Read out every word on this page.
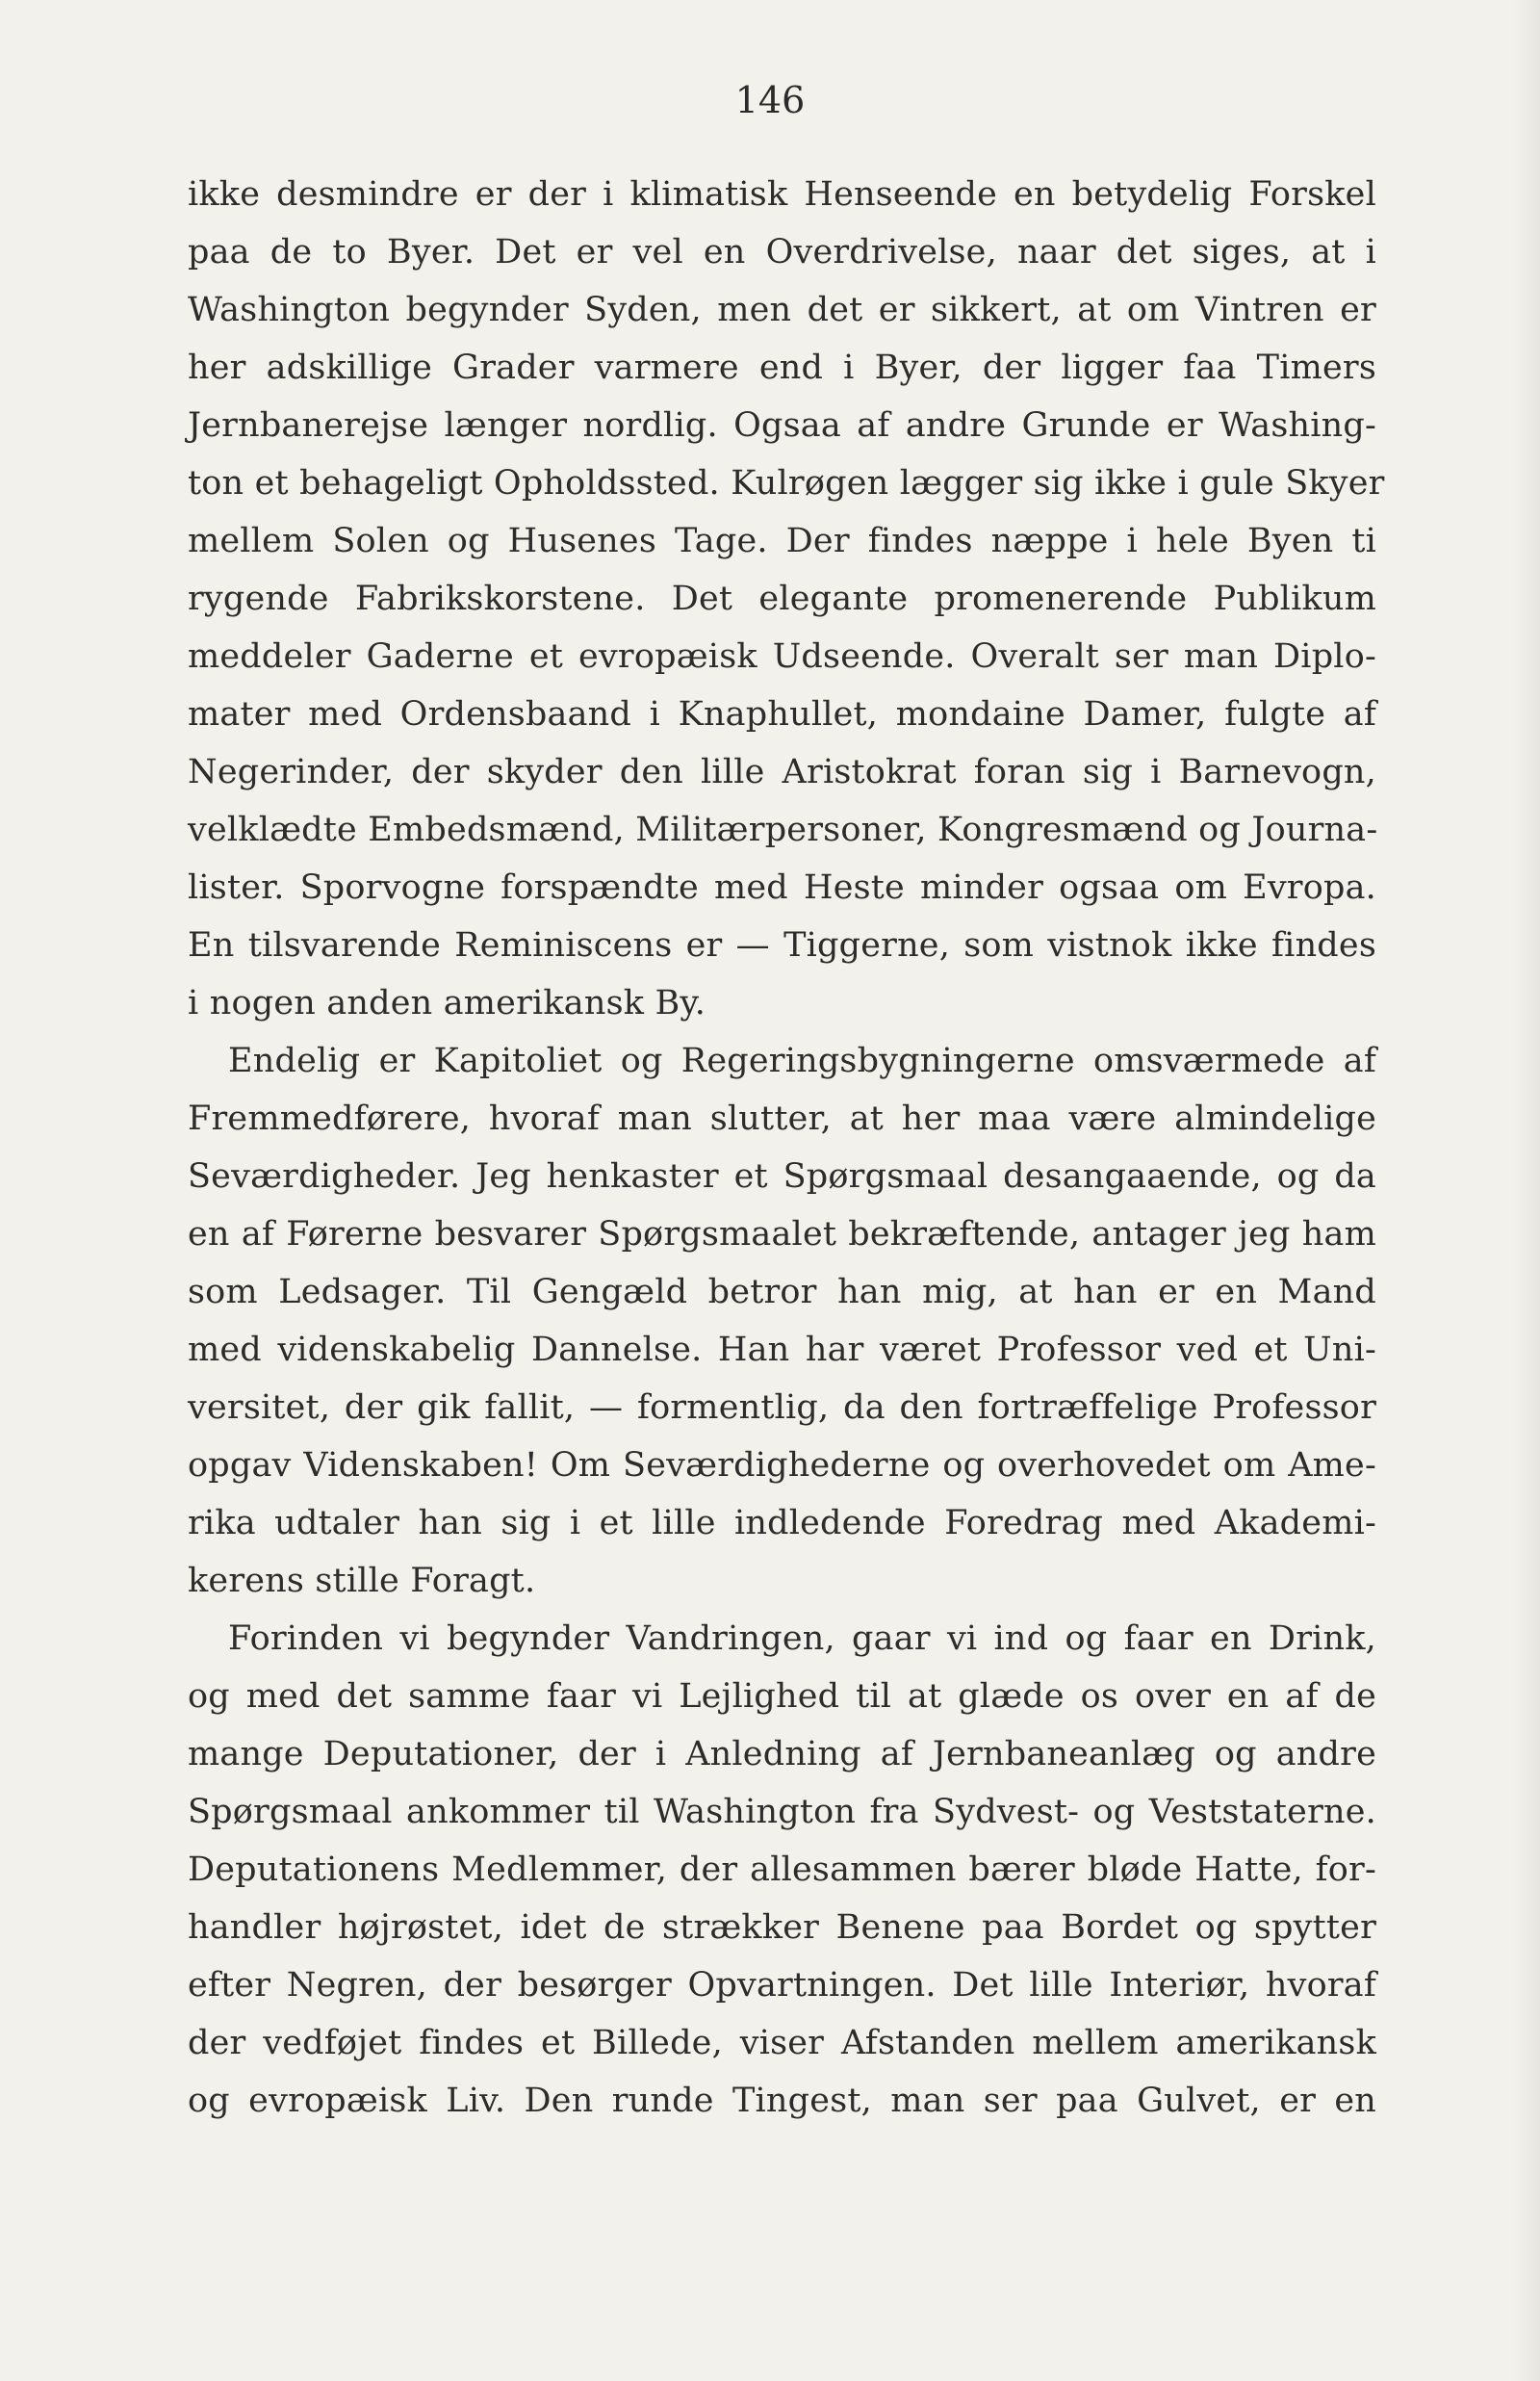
146
ikke desmindre er der i klimatisk Henseende en betydelig Forskel
paa de to Byer. Det er vel en Overdrivelse, naar det siges, at i
Washington begynder Syden, men det er sikkert, at om Vintren er
her adskillige Grader varmere end i Byer, der ligger faa Timers
Jernbanerejse længer nordlig. Ogsaa af andre Grunde er Washing-
ton et behageligt Opholdssted. Kulrøgen lægger sig ikke i gule Skyer
mellem Solen og Husenes Tage. Der findes næppe i hele Byen ti
rygende Fabrikskorstene. Det elegante promenerende Publikum
meddeler Gaderne et evropæisk Udseende. Overalt ser man Diplo-
mater med Ordensbaand i Knaphullet, mondaine Damer, fulgte af
Negerinder, der skyder den lille Aristokrat foran sig i Barnevogn,
velklædte Embedsmænd, Militærpersoner, Kongresmænd og Journa-
lister. Sporvogne forspændte med Heste minder ogsaa om Evropa.
En tilsvarende Reminiscens er — Tiggerne, som vistnok ikke findes
i nogen anden amerikansk By.
Endelig er Kapitoliet og Regeringsbygningerne omsværmede af
Fremmedførere, hvoraf man slutter, at her maa være almindelige
Seværdigheder. Jeg henkaster et Spørgsmaal desangaaende, og da
en af Førerne besvarer Spørgsmaalet bekræftende, antager jeg ham
som Ledsager. Til Gengæld betror han mig, at han er en Mand
med videnskabelig Dannelse. Han har været Professor ved et Uni-
versitet, der gik fallit, — formentlig, da den fortræffelige Professor
opgav Videnskaben! Om Seværdighederne og overhovedet om Ame-
rika udtaler han sig i et lille indledende Foredrag med Akademi-
kerens stille Foragt.
Forinden vi begynder Vandringen, gaar vi ind og faar en Drink,
og med det samme faar vi Lejlighed til at glæde os over en af de
mange Deputationer, der i Anledning af Jernbaneanlæg og andre
Spørgsmaal ankommer til Washington fra Sydvest- og Veststaterne.
Deputationens Medlemmer, der allesammen bærer bløde Hatte, for-
handler højrøstet, idet de strækker Benene paa Bordet og spytter
efter Negren, der besørger Opvartningen. Det lille Interiør, hvoraf
der vedføjet findes et Billede, viser Afstanden mellem amerikansk
og evropæisk Liv. Den runde Tingest, man ser paa Gulvet, er en
